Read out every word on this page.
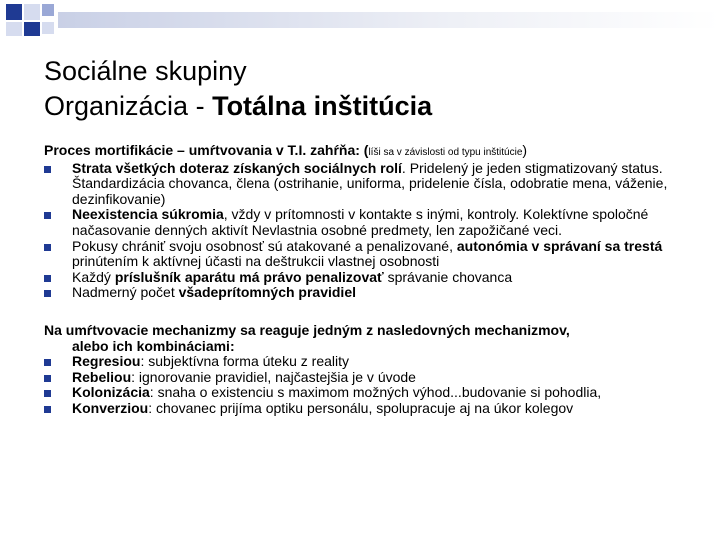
Sociálne skupiny
Organizácia - Totálna inštitúcia

Proces mortifikácie – umŕtvovania v T.I. zahŕňa: (líši sa v závislosti od typu inštitúcie)

Strata všetkých doteraz získaných sociálnych rolí. Pridelený je jeden stigmatizovaný status. Štandardizácia chovanca, člena (ostrihanie, uniforma, pridelenie čísla, odobratie mena, váženie, dezinfikovanie)
Neexistencia súkromia, vždy v prítomnosti v kontakte s inými, kontroly. Kolektívne spoločné načasovanie denných aktivít Nevlastnia osobné predmety, len zapožičané veci.
Pokusy chrániť svoju osobnosť sú atakované a penalizované, autonómia v správaní sa trestá prinútením k aktívnej účasti na deštrukcii vlastnej osobnosti
Každý príslušník aparátu má právo penalizovať správanie chovanca
Nadmerný počet všadeprítomných pravidiel

Na umŕtvovacie mechanizmy sa reaguje jedným z nasledovných mechanizmov,
alebo ich kombináciami:

Regresiou: subjektívna forma úteku z reality
Rebeliou: ignorovanie pravidiel, najčastejšia je v úvode
Kolonizácia: snaha o existenciu s maximom možných výhod...budovanie si pohodlia,
Konverziou: chovanec prijíma optiku personálu, spolupracuje aj na úkor kolegov
